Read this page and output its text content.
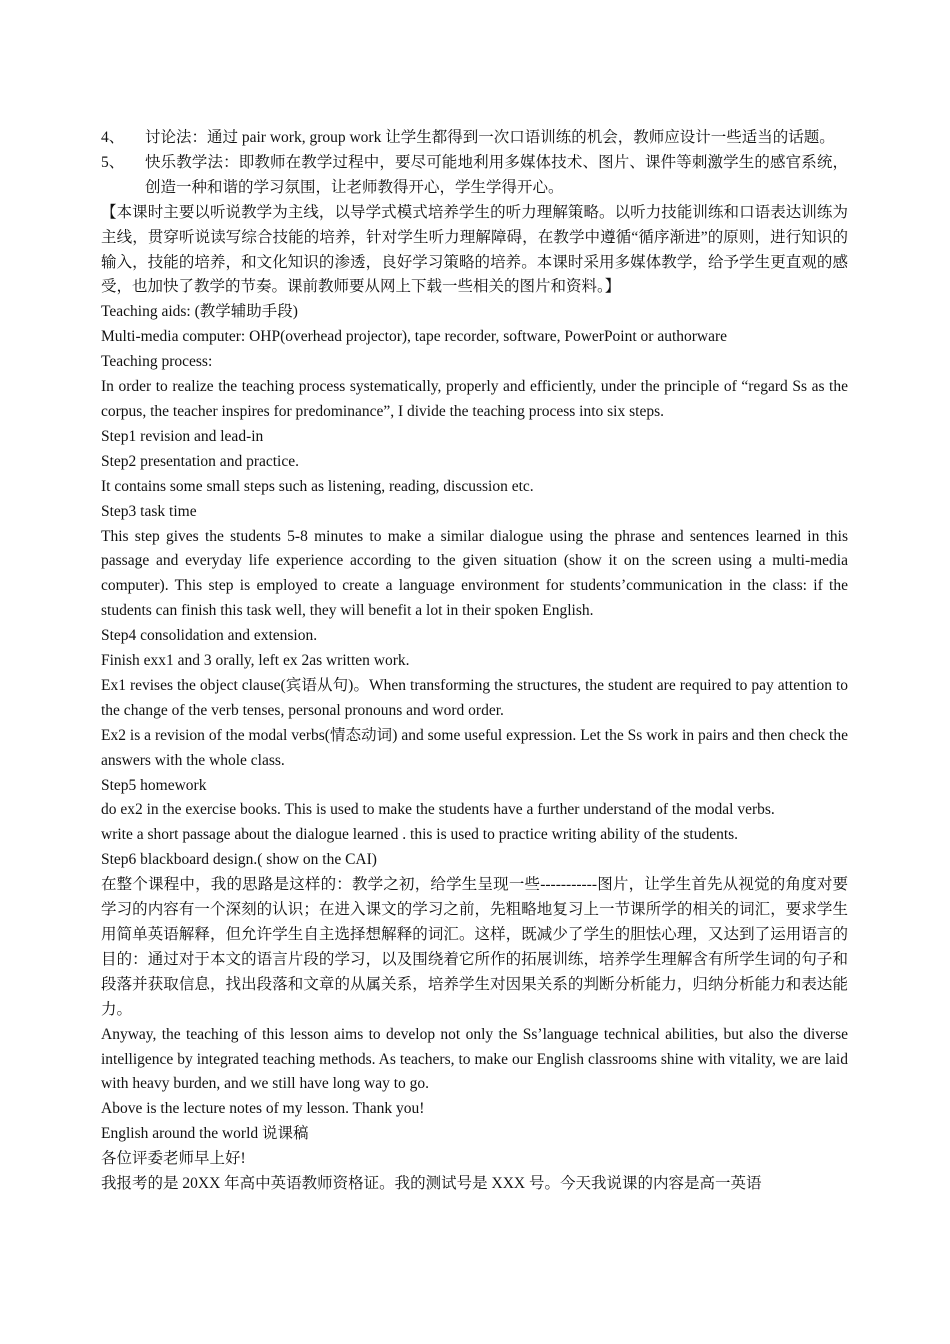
4、	讨论法：通过 pair work, group work 让学生都得到一次口语训练的机会，教师应设计一些适当的话题。
5、	快乐教学法：即教师在教学过程中，要尽可能地利用多媒体技术、图片、课件等刺激学生的感官系统，创造一种和谐的学习氛围，让老师教得开心，学生学得开心。

【本课时主要以听说教学为主线，以导学式模式培养学生的听力理解策略。以听力技能训练和口语表达训练为主线，贯穿听说读写综合技能的培养，针对学生听力理解障碍，在教学中遵循“循序渐进”的原则，进行知识的输入，技能的培养，和文化知识的渗透，良好学习策略的培养。本课时采用多媒体教学，给予学生更直观的感受，也加快了教学的节奏。课前教师要从网上下载一些相关的图片和资料。】

Teaching aids: (教学辅助手段)

Multi-media computer: OHP(overhead projector), tape recorder, software, PowerPoint or authorware

Teaching process:

In order to realize the teaching process systematically, properly and efficiently, under the principle of “regard Ss as the corpus, the teacher inspires for predominance”, I divide the teaching process into six steps.

Step1 revision and lead-in

Step2 presentation and practice.

It contains some small steps such as listening, reading, discussion etc.

Step3 task time

This step gives the students 5-8 minutes to make a similar dialogue using the phrase and sentences learned in this passage and everyday life experience according to the given situation (show it on the screen using a multi-media computer). This step is employed to create a language environment for students’communication in the class: if the students can finish this task well, they will benefit a lot in their spoken English.

Step4 consolidation and extension.

Finish exx1 and 3 orally, left ex 2as written work.

Ex1 revises the object clause(宾语从句)。When transforming the structures, the student are required to pay attention to the change of the verb tenses, personal pronouns and word order.

Ex2 is a revision of the modal verbs(情态动词) and some useful expression. Let the Ss work in pairs and then check the answers with the whole class.

Step5 homework

do ex2 in the exercise books. This is used to make the students have a further understand of the modal verbs.

write a short passage about the dialogue learned . this is used to practice writing ability of the students.

Step6 blackboard design.( show on the CAI)

在整个课程中，我的思路是这样的：教学之初，给学生呈现一些-----------图片，让学生首先从视觉的角度对要学习的内容有一个深刻的认识；在进入课文的学习之前，先粗略地复习上一节课所学的相关的词汇，要求学生用简单英语解释，但允许学生自主选择想解释的词汇。这样，既减少了学生的胆怯心理，又达到了运用语言的目的：通过对于本文的语言片段的学习，以及围绕着它所作的拓展训练，培养学生理解含有所学生词的句子和段落并获取信息，找出段落和文章的从属关系，培养学生对因果关系的判断分析能力，归纳分析能力和表达能力。

Anyway, the teaching of this lesson aims to develop not only the Ss’language technical abilities, but also the diverse intelligence by integrated teaching methods. As teachers, to make our English classrooms shine with vitality, we are laid with heavy burden, and we still have long way to go.

Above is the lecture notes of my lesson. Thank you!

English around the world 说课稿

各位评委老师早上好!

我报考的是 20XX 年高中英语教师资格证。我的测试号是 XXX 号。今天我说课的内容是高一英语
